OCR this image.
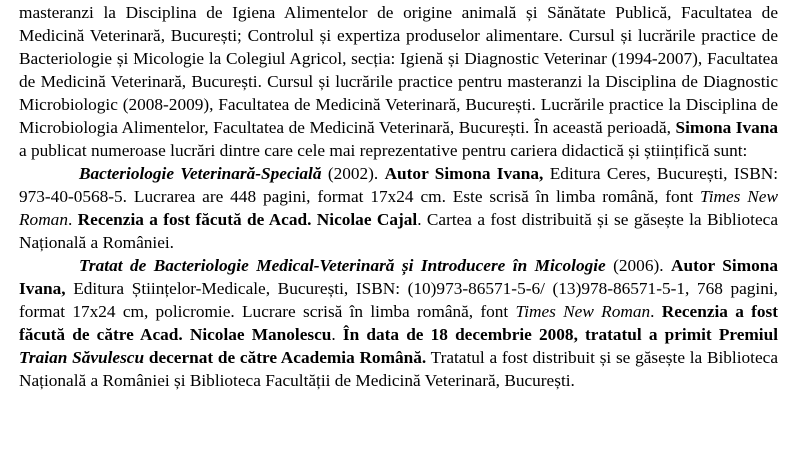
masteranzi la Disciplina de Igiena Alimentelor de origine animală și Sănătate Publică, Facultatea de Medicină Veterinară, București; Controlul și expertiza produselor alimentare. Cursul și lucrările practice de Bacteriologie și Micologie la Colegiul Agricol, secția: Igienă și Diagnostic Veterinar (1994-2007), Facultatea de Medicină Veterinară, București. Cursul și lucrările practice pentru masteranzi la Disciplina de Diagnostic Microbiologic (2008-2009), Facultatea de Medicină Veterinară, București. Lucrările practice la Disciplina de Microbiologia Alimentelor, Facultatea de Medicină Veterinară, București. În această perioadă, Simona Ivana a publicat numeroase lucrări dintre care cele mai reprezentative pentru cariera didactică și științifică sunt:

Bacteriologie Veterinară-Specială (2002). Autor Simona Ivana, Editura Ceres, București, ISBN: 973-40-0568-5. Lucrarea are 448 pagini, format 17x24 cm. Este scrisă în limba română, font Times New Roman. Recenzia a fost făcută de Acad. Nicolae Cajal. Cartea a fost distribuită și se găsește la Biblioteca Națională a României.

Tratat de Bacteriologie Medical-Veterinară și Introducere în Micologie (2006). Autor Simona Ivana, Editura Științelor-Medicale, București, ISBN: (10)973-86571-5-6/ (13)978-86571-5-1, 768 pagini, format 17x24 cm, policromie. Lucrare scrisă în limba română, font Times New Roman. Recenzia a fost făcută de către Acad. Nicolae Manolescu. În data de 18 decembrie 2008, tratatul a primit Premiul Traian Săvulescu decernat de către Academia Română. Tratatul a fost distribuit și se găsește la Biblioteca Națională a României și Biblioteca Facultății de Medicină Veterinară, București.
